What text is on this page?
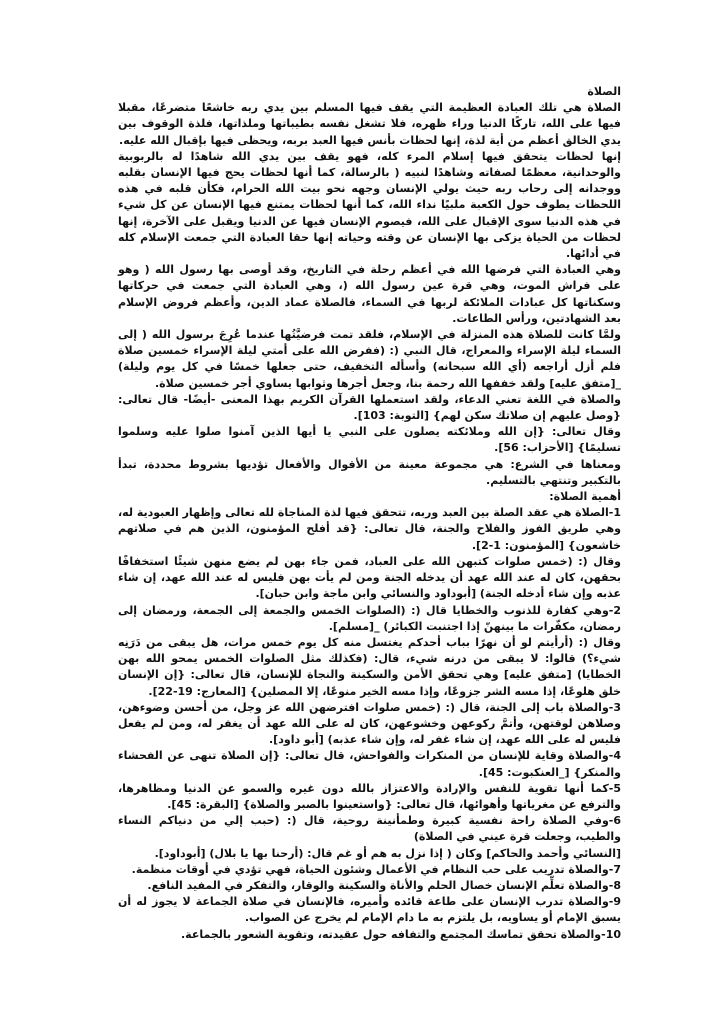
الصلاة

الصلاة هي تلك العبادة العظيمة التي يقف فيها المسلم بين يدي ربه خاشعًا متضرعًا، مقبلا فيها على الله، تاركًا الدنيا وراء ظهره، فلا تشغل نفسه بطيباتها وملذاتها، فلذة الوقوف بين يدي الخالق أعظم من أية لذة، إنها لحظات بأنس فيها العبد بربه، ويحظى فيها بإقبال الله عليه.

إنها لحظات يتحقق فيها إسلام المرء كله، فهو يقف بين يدي الله شاهدًا له بالربوبية والوحدانية، معظمًا لصفاته وشاهدًا لنبيه ( بالرسالة، كما أنها لحظات يحج فيها الإنسان بقلبه ووجدانه إلى رحاب ربه حيث يولي الإنسان وجهه نحو بيت الله الحرام، فكأن قلبه في هذه اللحظات يطوف حول الكعبة ملبيًا نداء الله، كما أنها لحظات يمتنع فيها الإنسان عن كل شيء في هذه الدنيا سوى الإقبال على الله، فيصوم الإنسان فيها عن الدنيا ويقبل على الآخرة، إنها لحظات من الحياة يزكى بها الإنسان عن وقته وحياته إنها حقا العبادة التي جمعت الإسلام كله في أدائها.

وهي العبادة التي فرضها الله في أعظم رحلة في التاريخ، وقد أوصى بها رسول الله ( وهو على فراش الموت، وهي قرة عين رسول الله (، وهي العبادة التي جمعت في حركاتها وسكناتها كل عبادات الملائكة لربها في السماء، فالصلاة عماد الدين، وأعظم فروض الإسلام بعد الشهادتين، ورأس الطاعات.

ولمَّا كانت للصلاة هذه المنزلة في الإسلام، فلقد تمت فرضيَّتُها عندما عُرِجَ برسول الله ( إلى السماء ليلة الإسراء والمعراج، قال النبي (: (ففرض الله على أمتي ليلة الإسراء خمسين صلاة فلم أزل أراجعه (أي الله سبحانه) وأسأله التخفيف، حتى جعلها خمسًا في كل يوم وليلة) _[متفق عليه] ولقد خففها الله رحمة بنا، وجعل أجرها وثوابها يساوي أجر خمسين صلاة.

والصلاة في اللغة تعني الدعاء، ولقد استعملها القرآن الكريم بهذا المعنى -أيضًا- قال تعالى: {وصل عليهم إن صلاتك سكن لهم} [التوبة: 103].

وقال تعالى: {إن الله وملائكته يصلون على النبي يا أيها الذين آمنوا صلوا عليه وسلموا تسليمًا} [الأحزاب: 56].

ومعناها في الشرع: هي مجموعة معينة من الأقوال والأفعال تؤديها بشروط محددة، تبدأ بالتكبير وتنتهي بالتسليم.

أهمية الصلاة:

1-الصلاة هي عقد الصلة بين العبد وربه، تتحقق فيها لذة المناجاة لله تعالى وإظهار العبودية له، وهي طريق الفوز والفلاح والجنة، قال تعالى: {قد أفلح المؤمنون، الذين هم في صلاتهم خاشعون} [المؤمنون: 1-2].

وقال (: (خمس صلوات كتبهن الله على العباد، فمن جاء بهن لم يضع منهن شيئًا استخفافًا بحقهن، كان له عند الله عهد أن يدخله الجنة ومن لم يأت بهن فليس له عند الله عهد، إن شاء عذبه وإن شاء أدخله الجنة) [أبوداود والنسائي وابن ماجة وابن حبان].

2-وهي كفارة للذنوب والخطايا قال (: (الصلوات الخمس والجمعة إلى الجمعة، ورمضان إلى رمضان، مكفّرات ما بينهنّ إذا اجتنبت الكبائر) _[مسلم].

وقال (: (أرأيتم لو أن نهرًا بباب أحدكم يغتسل منه كل يوم خمس مرات، هل يبقى من دَرَنِه شيء؟) قالوا: لا يبقى من درنه شيء، قال: (فكذلك مثل الصلوات الخمس يمحو الله بهن الخطايا) [متفق عليه] وهي تحقق الأمن والسكينة والنجاة للإنسان، قال تعالى: {إن الإنسان خلق هلوعًا، إذا مسه الشر جزوعًا، وإذا مسه الخير منوعًا، إلا المصلين} [المعارج: 19-22].

3-والصلاة باب إلى الجنة، قال (: (خمس صلوات افترضهن الله عز وجل، من أحسن وضوءهن، وصلاهن لوقتهن، وأتمَّ ركوعهن وخشوعهن، كان له على الله عهد أن يغفر له، ومن لم يفعل فليس له على الله عهد، إن شاء غفر له، وإن شاء عذبه) [أبو داود].

4-والصلاة وقاية للإنسان من المنكرات والفواحش، قال تعالى: {إن الصلاة تنهى عن الفحشاء والمنكر} [_العنكبوت: 45].

5-كما أنها تقوية للنفس والإرادة والاعتزاز بالله دون غيره والسمو عن الدنيا ومظاهرها، والترفع عن مغرياتها وأهوائها، قال تعالى: {واستعينوا بالصبر والصلاة} [البقرة: 45].

6-وفي الصلاة راحة نفسية كبيرة وطمأنينة روحية، قال (: (حبب إلي من دنياكم النساء والطيب، وجعلت قرة عيني في الصلاة)

[النسائي وأحمد والحاكم] وكان ( إذا نزل به هم أو غم قال: (أرحنا بها يا بلال) [أبوداود].

7-والصلاة تدريب على حب النظام في الأعمال وشئون الحياة، فهي تؤدي في أوقات منظمة.

8-والصلاة تعلِّم الإنسان خصال الحلم والأناة والسكينة والوقار، والتفكر في المفيد النافع.

9-والصلاة تدرب الإنسان على طاعة قائده وأميره، فالإنسان في صلاة الجماعة لا يجوز له أن يسبق الإمام أو يساويه، بل يلتزم به ما دام الإمام لم يخرج عن الصواب.

10-والصلاة تحقق تماسك المجتمع والتفافه حول عقيدته، وتقوية الشعور بالجماعة.
